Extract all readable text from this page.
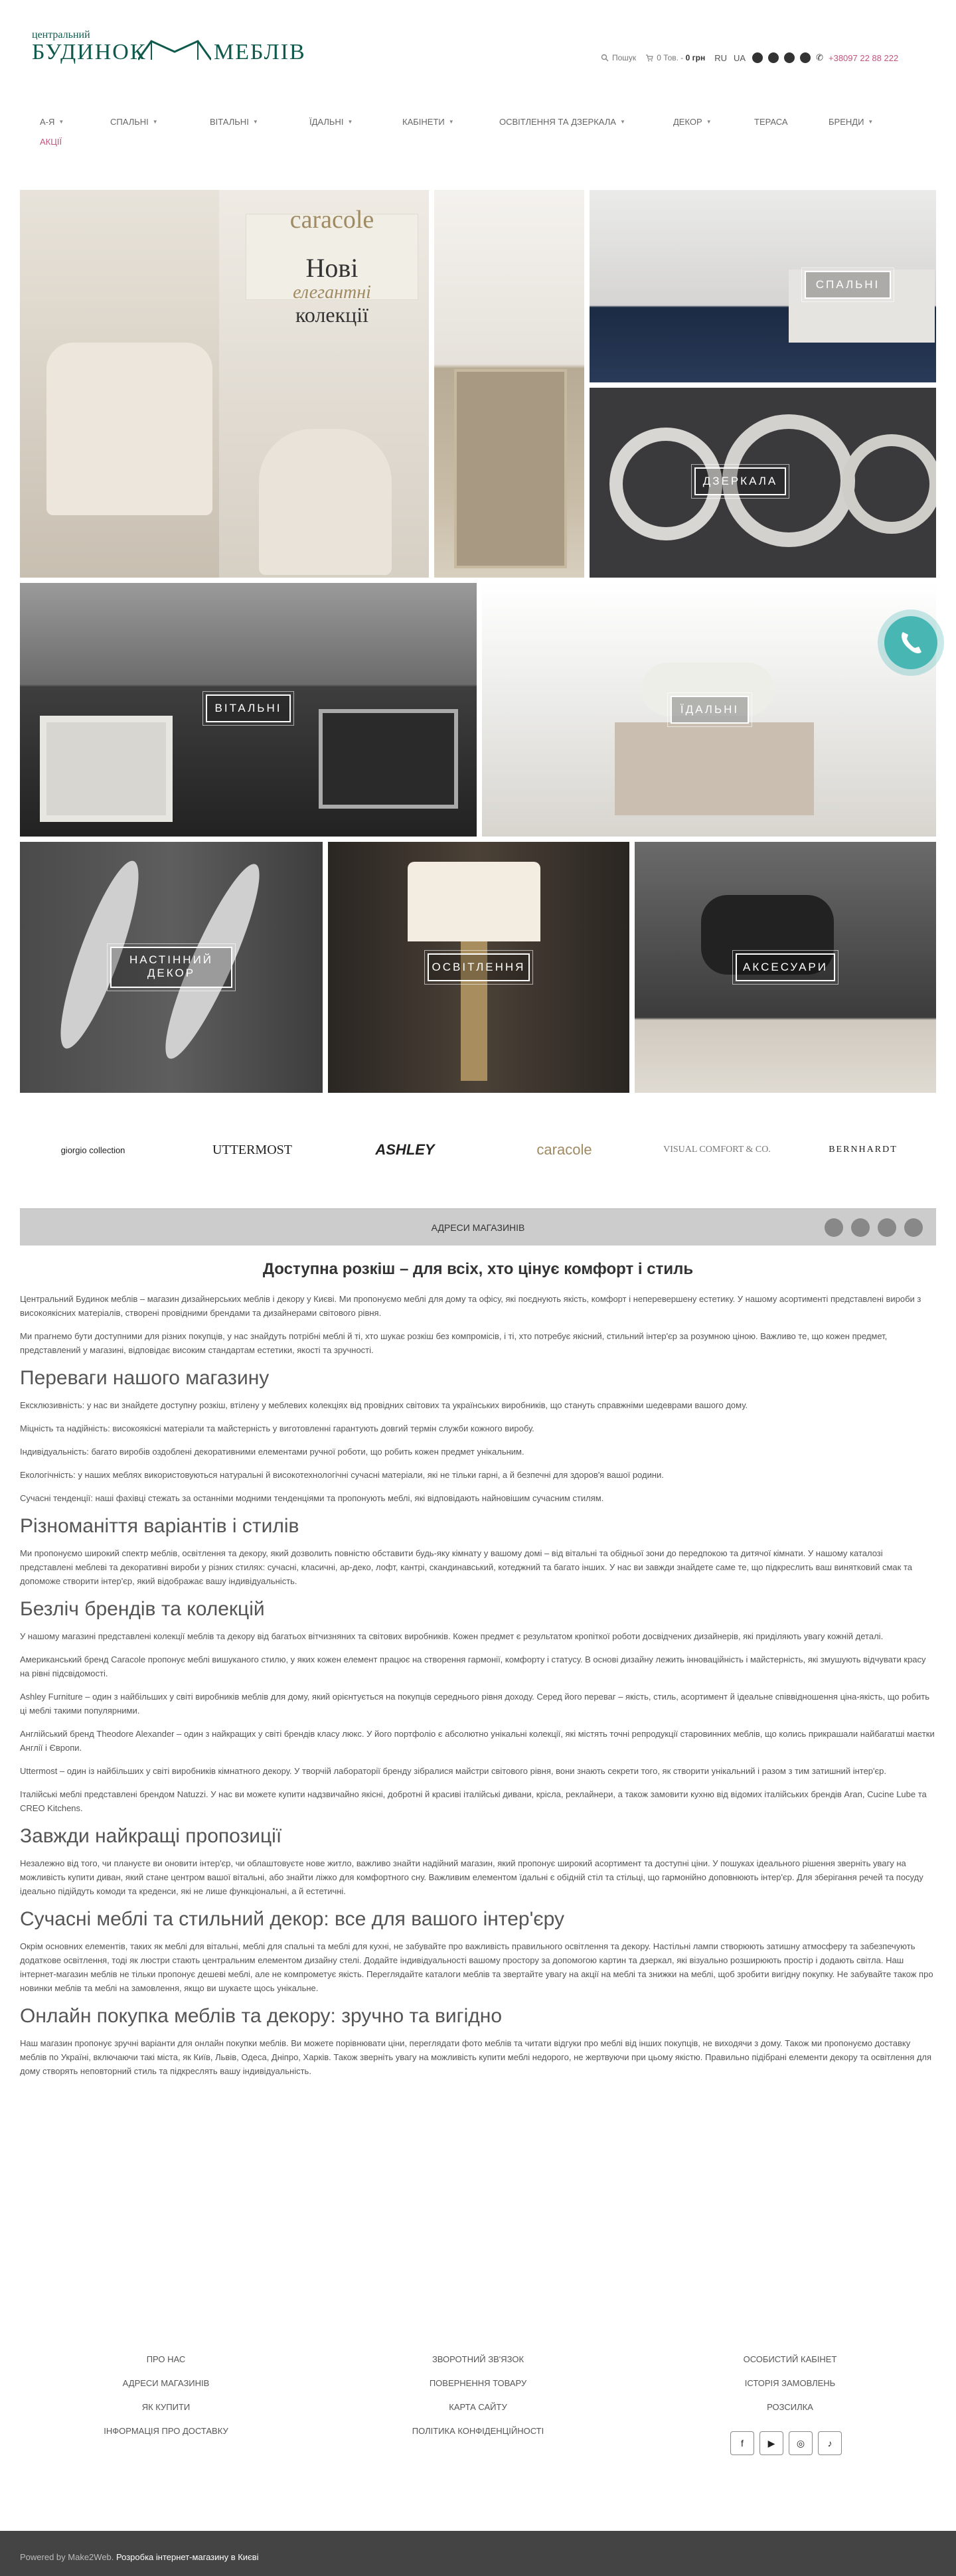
центральний
БУДИНОК	МЕБЛІВ	Пошук	0 Тов. -
0 грн RU UA	✆ +38097 22 88 222
А-Я ▼	СПАЛЬНІ ▼	ВІТАЛЬНІ ▼	ЇДАЛЬНІ ▼	КАБІНЕТИ ▼	ОСВІТЛЕННЯ ТА ДЗЕРКАЛА ▼	ДЕКОР ▼	ТЕРАСА	БРЕНДИ ▼
АКЦІЇ
caracole
Нові
елегантні
колекції
СПАЛЬНІ
ДЗЕРКАЛА
ВІТАЛЬНІ	ЇДАЛЬНІ
НАСТІННИЙ ДЕКОР	ОСВІТЛЕННЯ	АКСЕСУАРИ
giorgio collection	UTTERMOST	ASHLEY	caracole	VISUAL COMFORT & CO.	BERNHARDT
АДРЕСИ МАГАЗИНІВ
Доступна розкіш – для всіх, хто цінує комфорт і стиль

Центральний Будинок меблів – магазин дизайнерських меблів і декору у Києві. Ми пропонуємо меблі для дому та офісу, які поєднують якість, комфорт і неперевершену естетику. У нашому асортименті представлені вироби з високоякісних матеріалів, створені провідними брендами та дизайнерами світового рівня.

Ми прагнемо бути доступними для різних покупців, у нас знайдуть потрібні меблі й ті, хто шукає розкіш без компромісів, і ті, хто потребує якісний, стильний інтер'єр за розумною ціною. Важливо те, що кожен предмет, представлений у магазині, відповідає високим стандартам естетики, якості та зручності.

Переваги нашого магазину

Ексклюзивність: у нас ви знайдете доступну розкіш, втілену у меблевих колекціях від провідних світових та українських виробників, що стануть справжніми шедеврами вашого дому.

Міцність та надійність: високоякісні матеріали та майстерність у виготовленні гарантують довгий термін служби кожного виробу.

Індивідуальність: багато виробів оздоблені декоративними елементами ручної роботи, що робить кожен предмет унікальним.

Екологічність: у наших меблях використовуються натуральні й високотехнологічні сучасні матеріали, які не тільки гарні, а й безпечні для здоров'я вашої родини.

Сучасні тенденції: наші фахівці стежать за останніми модними тенденціями та пропонують меблі, які відповідають найновішим сучасним стилям.

Різноманіття варіантів і стилів

Ми пропонуємо широкий спектр меблів, освітлення та декору, який дозволить повністю обставити будь-яку кімнату у вашому домі – від вітальні та обідньої зони до передпокою та дитячої кімнати. У нашому каталозі представлені меблеві та декоративні вироби у різних стилях: сучасні, класичні, ар-деко, лофт, кантрі, скандинавський, котеджний та багато інших. У нас ви завжди знайдете саме те, що підкреслить ваш винятковий смак та допоможе створити інтер'єр, який відображає вашу індивідуальність.

Безліч брендів та колекцій

У нашому магазині представлені колекції меблів та декору від багатьох вітчизняних та світових виробників. Кожен предмет є результатом кропіткої роботи досвідчених дизайнерів, які приділяють увагу кожній деталі.

Американський бренд Caracole пропонує меблі вишуканого стилю, у яких кожен елемент працює на створення гармонії, комфорту і статусу. В основі дизайну лежить інноваційність і майстерність, які змушують відчувати красу на рівні підсвідомості.

Ashley Furniture – один з найбільших у світі виробників меблів для дому, який орієнтується на покупців середнього рівня доходу. Серед його переваг – якість, стиль, асортимент й ідеальне співвідношення ціна-якість, що робить ці меблі такими популярними.

Англійський бренд Theodore Alexander – один з найкращих у світі брендів класу люкс. У його портфоліо є абсолютно унікальні колекції, які містять точні репродукції старовинних меблів, що колись прикрашали найбагатші маєтки Англії і Європи.

Uttermost – один із найбільших у світі виробників кімнатного декору. У творчій лабораторії бренду зібралися майстри світового рівня, вони знають секрети того, як створити унікальний і разом з тим затишний інтер'єр.

Італійські меблі представлені брендом Natuzzi. У нас ви можете купити надзвичайно якісні, добротні й красиві італійські дивани, крісла, реклайнери, а також замовити кухню від відомих італійських брендів Aran, Cucine Lube та CREO Kitchens.

Завжди найкращі пропозиції

Незалежно від того, чи плануєте ви оновити інтер'єр, чи облаштовуєте нове житло, важливо знайти надійний магазин, який пропонує широкий асортимент та доступні ціни. У пошуках ідеального рішення зверніть увагу на можливість купити диван, який стане центром вашої вітальні, або знайти ліжко для комфортного сну. Важливим елементом їдальні є обідній стіл та стільці, що гармонійно доповнюють інтер'єр. Для зберігання речей та посуду ідеально підійдуть комоди та креденси, які не лише функціональні, а й естетичні.

Сучасні меблі та стильний декор: все для вашого інтер'єру

Окрім основних елементів, таких як меблі для вітальні, меблі для спальні та меблі для кухні, не забувайте про важливість правильного освітлення та декору. Настільні лампи створюють затишну атмосферу та забезпечують додаткове освітлення, тоді як люстри стають центральним елементом дизайну стелі. Додайте індивідуальності вашому простору за допомогою картин та дзеркал, які візуально розширюють простір і додають світла. Наш інтернет-магазин меблів не тільки пропонує дешеві меблі, але не компрометує якість. Переглядайте каталоги меблів та звертайте увагу на акції на меблі та знижки на меблі, щоб зробити вигідну покупку. Не забувайте також про новинки меблів та меблі на замовлення, якщо ви шукаєте щось унікальне.

Онлайн покупка меблів та декору: зручно та вигідно

Наш магазин пропонує зручні варіанти для онлайн покупки меблів. Ви можете порівнювати ціни, переглядати фото меблів та читати відгуки про меблі від інших покупців, не виходячи з дому. Також ми пропонуємо доставку меблів по Україні, включаючи такі міста, як Київ, Львів, Одеса, Дніпро, Харків. Також зверніть увагу на можливість купити меблі недорого, не жертвуючи при цьому якістю. Правильно підібрані елементи декору та освітлення для дому створять неповторний стиль та підкреслять вашу індивідуальність.

ПРО НАС
АДРЕСИ МАГАЗИНІВ
ЯК КУПИТИ
ІНФОРМАЦІЯ ПРО ДОСТАВКУ
ЗВОРОТНИЙ ЗВ'ЯЗОК
ПОВЕРНЕННЯ ТОВАРУ
КАРТА САЙТУ
ПОЛІТИКА КОНФІДЕНЦІЙНОСТІ
ОСОБИСТИЙ КАБІНЕТ
ІСТОРІЯ ЗАМОВЛЕНЬ
РОЗСИЛКА
f	▶	◎	♪
Powered by Make2Web. Розробка інтернет-магазину в Києві
